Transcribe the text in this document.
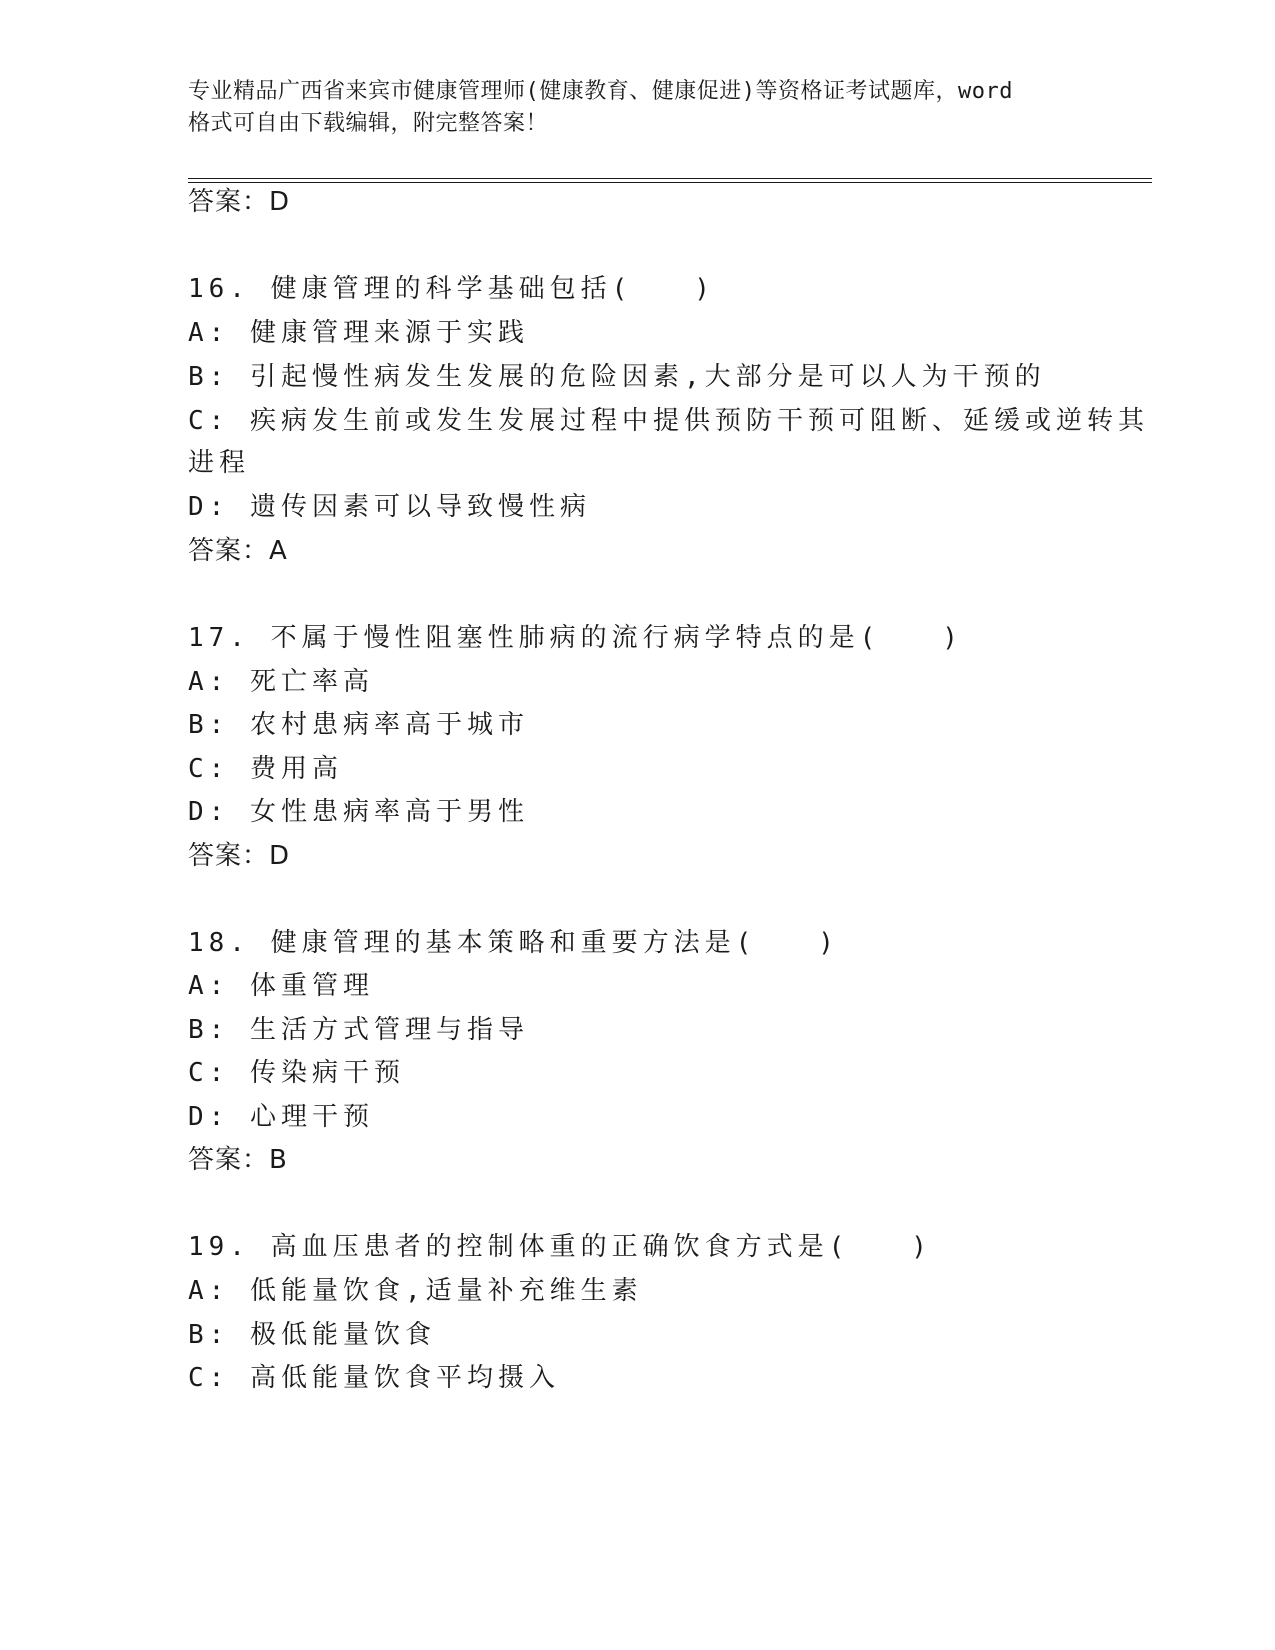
专业精品广西省来宾市健康管理师(健康教育、健康促进)等资格证考试题库，word
格式可自由下载编辑，附完整答案！
答案：D
16. 健康管理的科学基础包括(　　)
A: 健康管理来源于实践
B: 引起慢性病发生发展的危险因素,大部分是可以人为干预的
C: 疾病发生前或发生发展过程中提供预防干预可阻断、延缓或逆转其
进程
D: 遗传因素可以导致慢性病
答案：A
17. 不属于慢性阻塞性肺病的流行病学特点的是(　　)
A: 死亡率高
B: 农村患病率高于城市
C: 费用高
D: 女性患病率高于男性
答案：D
18. 健康管理的基本策略和重要方法是(　　)
A: 体重管理
B: 生活方式管理与指导
C: 传染病干预
D: 心理干预
答案：B
19. 高血压患者的控制体重的正确饮食方式是(　　)
A: 低能量饮食,适量补充维生素
B: 极低能量饮食
C: 高低能量饮食平均摄入
